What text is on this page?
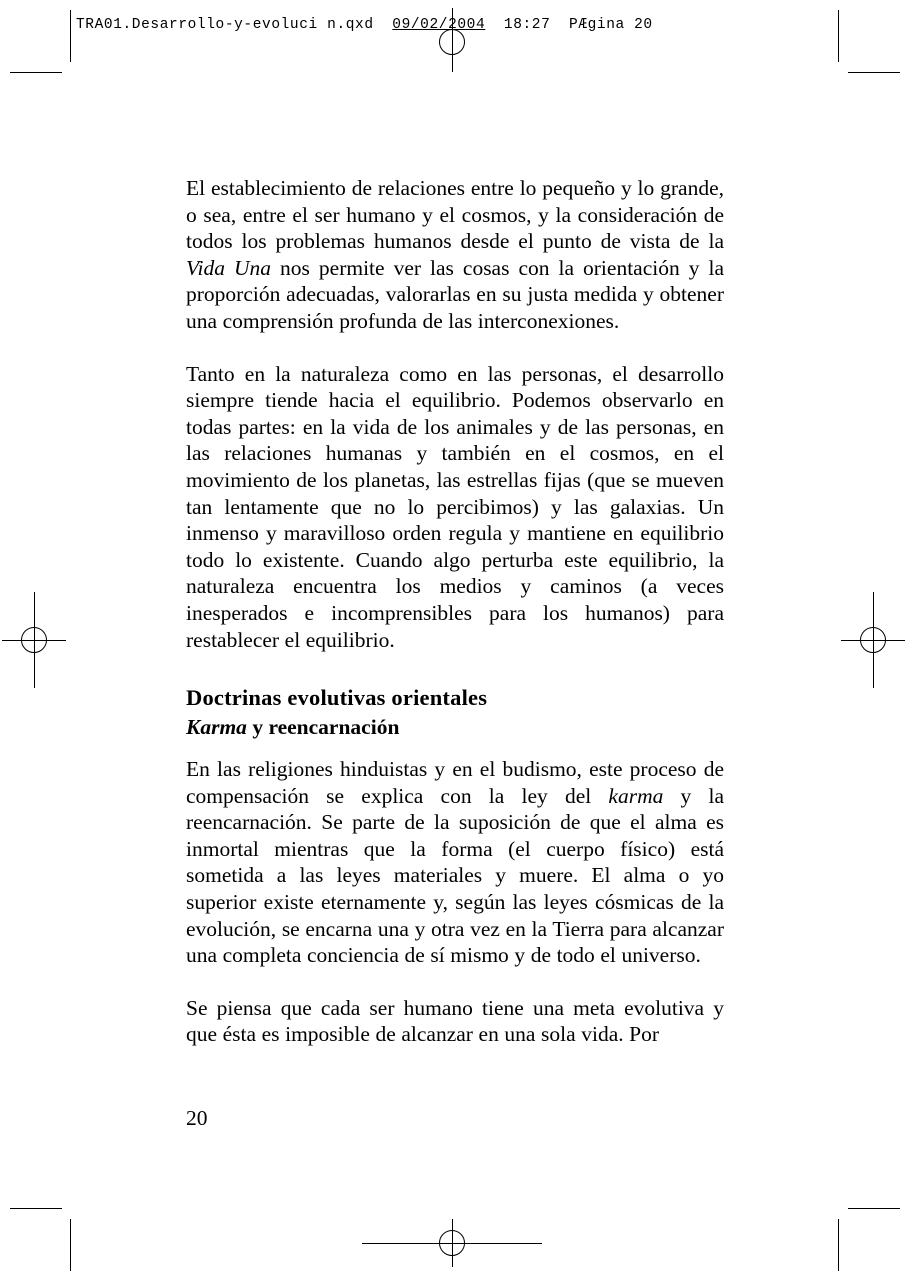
TRA01.Desarrollo-y-evoluci n.qxd 09/02/2004 18:27 PÆgina 20

El establecimiento de relaciones entre lo pequeño y lo grande, o sea, entre el ser humano y el cosmos, y la consideración de todos los problemas humanos desde el punto de vista de la Vida Una nos permite ver las cosas con la orientación y la proporción adecuadas, valorarlas en su justa medida y obtener una comprensión profunda de las interconexiones.

Tanto en la naturaleza como en las personas, el desarrollo siempre tiende hacia el equilibrio. Podemos observarlo en todas partes: en la vida de los animales y de las personas, en las relaciones humanas y también en el cosmos, en el movimiento de los planetas, las estrellas fijas (que se mueven tan lentamente que no lo percibimos) y las galaxias. Un inmenso y maravilloso orden regula y mantiene en equilibrio todo lo existente. Cuando algo perturba este equilibrio, la naturaleza encuentra los medios y caminos (a veces inesperados e incomprensibles para los humanos) para restablecer el equilibrio.

Doctrinas evolutivas orientales
Karma y reencarnación

En las religiones hinduistas y en el budismo, este proceso de compensación se explica con la ley del karma y la reencarnación. Se parte de la suposición de que el alma es inmortal mientras que la forma (el cuerpo físico) está sometida a las leyes materiales y muere. El alma o yo superior existe eternamente y, según las leyes cósmicas de la evolución, se encarna una y otra vez en la Tierra para alcanzar una completa conciencia de sí mismo y de todo el universo.

Se piensa que cada ser humano tiene una meta evolutiva y que ésta es imposible de alcanzar en una sola vida. Por

20
